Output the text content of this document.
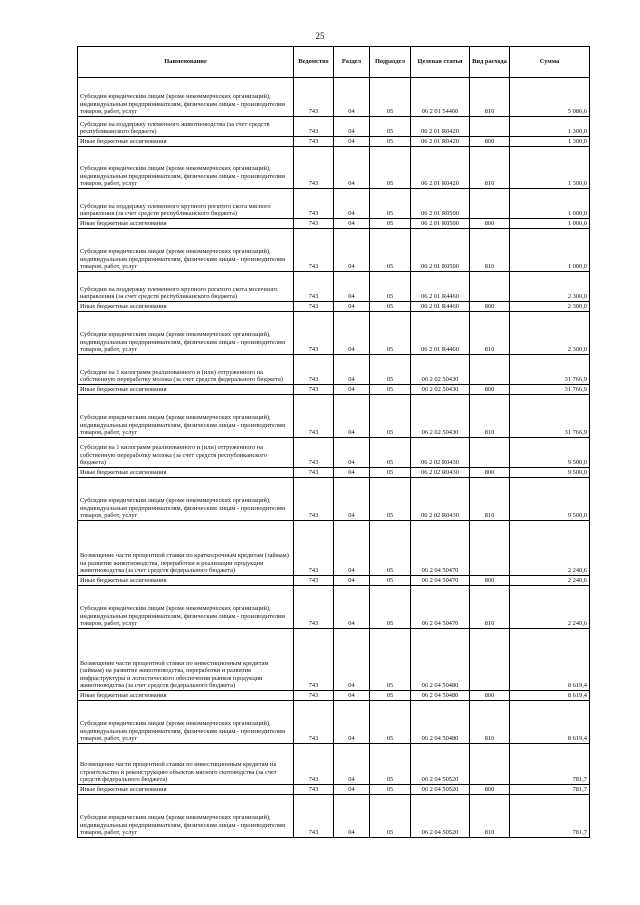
25
Наименование	Ведомство	Раздел	Подраздел	Целевая статья	Вид расхода	Сумма
Субсидии юридическим лицам (кроме некоммерческих организаций), индивидуальным предпринимателям, физическим лицам - производителям товаров, работ, услуг	743	04	05	06 2 01 54460	810	5 086,6
Субсидии на поддержку племенного животноводства (за счет средств республиканского бюджета)	743	04	05	06 2 01 R0420		1 300,0
Иные бюджетные ассигнования	743	04	05	06 2 01 R0420	800	1 300,0
Субсидии юридическим лицам (кроме некоммерческих организаций), индивидуальным предпринимателям, физическим лицам - производителям товаров, работ, услуг	743	04	05	06 2 01 R0420	810	1 300,0
Субсидии на поддержку племенного крупного рогатого скота мясного направления (за счет средств республиканского бюджета)	743	04	05	06 2 01 R0500		1 000,0
Иные бюджетные ассигнования	743	04	05	06 2 01 R0500	800	1 000,0
Субсидии юридическим лицам (кроме некоммерческих организаций), индивидуальным предпринимателям, физическим лицам - производителям товаров, работ, услуг	743	04	05	06 2 01 R0500	810	1 000,0
Субсидии на поддержку племенного крупного рогатого скота молочного направления (за счет средств республиканского бюджета)	743	04	05	06 2 01 R4460		2 300,0
Иные бюджетные ассигнования	743	04	05	06 2 01 R4460	800	2 300,0
Субсидии юридическим лицам (кроме некоммерческих организаций), индивидуальным предпринимателям, физическим лицам - производителям товаров, работ, услуг	743	04	05	06 2 01 R4460	810	2 300,0
Субсидии на 1 килограмм реализованного и (или) отгруженного на собственную переработку молока (за счет средств федерального бюджета)	743	04	05	06 2 02 50430		31 766,9
Иные бюджетные ассигнования	743	04	05	06 2 02 50430	800	31 766,9
Субсидии юридическим лицам (кроме некоммерческих организаций), индивидуальным предпринимателям, физическим лицам - производителям товаров, работ, услуг	743	04	05	06 2 02 50430	810	31 766,9
Субсидии на 1 килограмм реализованного и (или) отгруженного на собственную переработку молока (за счет средств республиканского бюджета)	743	04	05	06 2 02 R0430		9 500,0
Иные бюджетные ассигнования	743	04	05	06 2 02 R0430	800	9 500,0
Субсидии юридическим лицам (кроме некоммерческих организаций), индивидуальным предпринимателям, физическим лицам - производителям товаров, работ, услуг	743	04	05	06 2 02 R0430	810	9 500,0
Возмещение части процентной ставки по краткосрочным кредитам (займам) на развитие животноводства, переработки и реализации продукции животноводства (за счет средств федерального бюджета)	743	04	05	06 2 04 50470		2 240,6
Иные бюджетные ассигнования	743	04	05	06 2 04 50470	800	2 240,6
Субсидии юридическим лицам (кроме некоммерческих организаций), индивидуальным предпринимателям, физическим лицам - производителям товаров, работ, услуг	743	04	05	06 2 04 50470	810	2 240,6
Возмещение части процентной ставки по инвестиционным кредитам (займам) на развитие животноводства, переработки и развития инфраструктуры и логистического обеспечения рынков продукции животноводства (за счет средств федерального бюджета)	743	04	05	06 2 04 50480		8 619,4
Иные бюджетные ассигнования	743	04	05	06 2 04 50480	800	8 619,4
Субсидии юридическим лицам (кроме некоммерческих организаций), индивидуальным предпринимателям, физическим лицам - производителям товаров, работ, услуг	743	04	05	06 2 04 50480	810	8 619,4
Возмещение части процентной ставки по инвестиционным кредитам на строительство и реконструкцию объектов мясного скотоводства (за счет средств федерального бюджета)	743	04	05	06 2 04 50520		781,7
Иные бюджетные ассигнования	743	04	05	06 2 04 50520	800	781,7
Субсидии юридическим лицам (кроме некоммерческих организаций), индивидуальным предпринимателям, физическим лицам - производителям товаров, работ, услуг	743	04	05	06 2 04 50520	810	781,7
